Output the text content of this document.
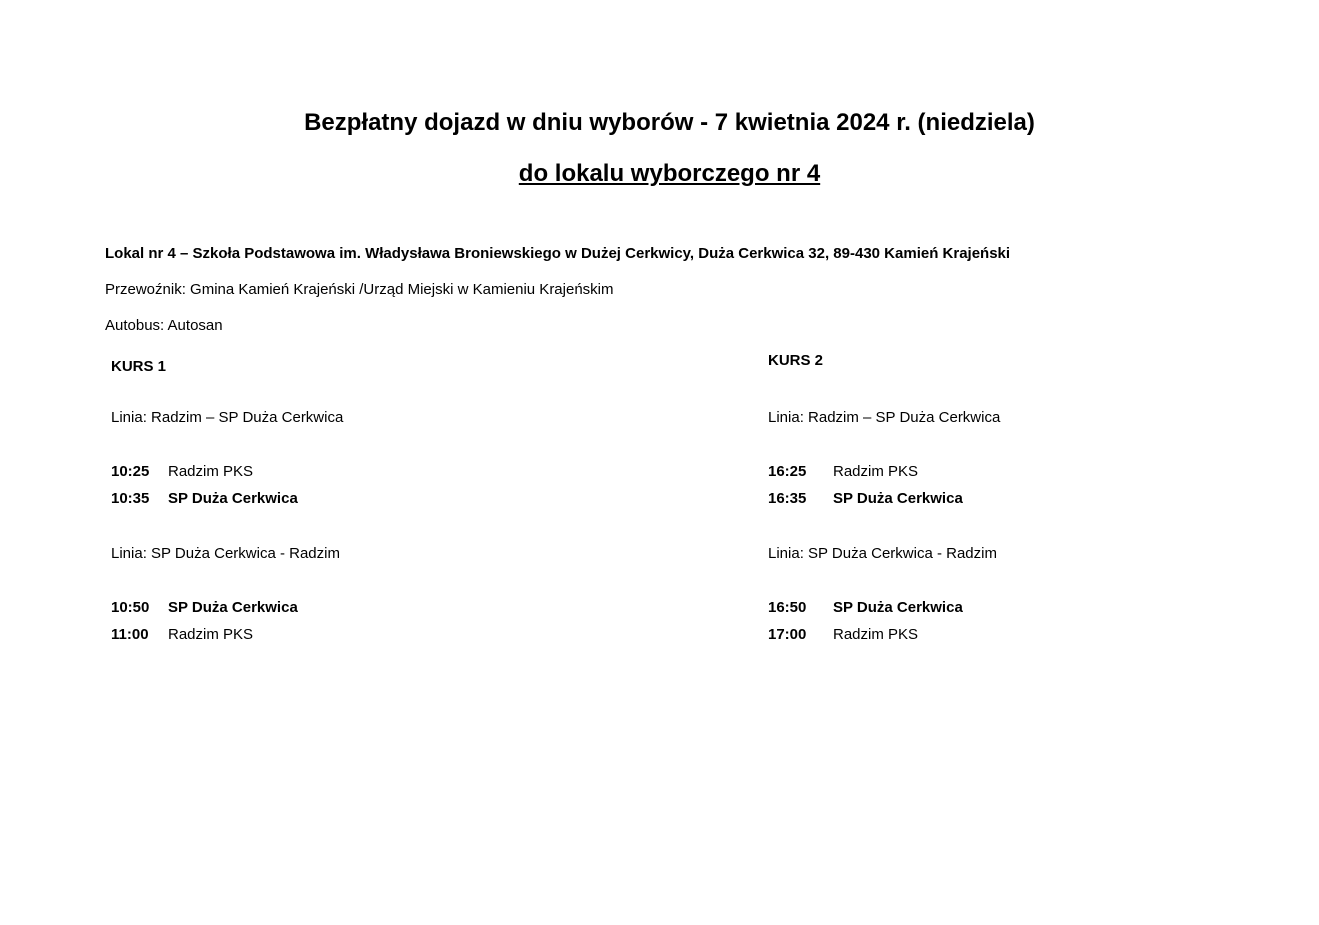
Bezpłatny dojazd w dniu wyborów - 7 kwietnia 2024 r. (niedziela)
do lokalu wyborczego nr 4
Lokal nr 4 – Szkoła Podstawowa im. Władysława Broniewskiego w Dużej Cerkwicy, Duża Cerkwica 32, 89-430 Kamień Krajeński
Przewoźnik: Gmina Kamień Krajeński /Urząd Miejski w Kamieniu Krajeńskim
Autobus: Autosan
KURS 1
Linia: Radzim – SP Duża Cerkwica
10:25 Radzim PKS
10:35 SP Duża Cerkwica
Linia: SP Duża Cerkwica - Radzim
10:50 SP Duża Cerkwica
11:00 Radzim PKS
KURS 2
Linia: Radzim – SP Duża Cerkwica
16:25 Radzim PKS
16:35 SP Duża Cerkwica
Linia: SP Duża Cerkwica - Radzim
16:50 SP Duża Cerkwica
17:00 Radzim PKS
